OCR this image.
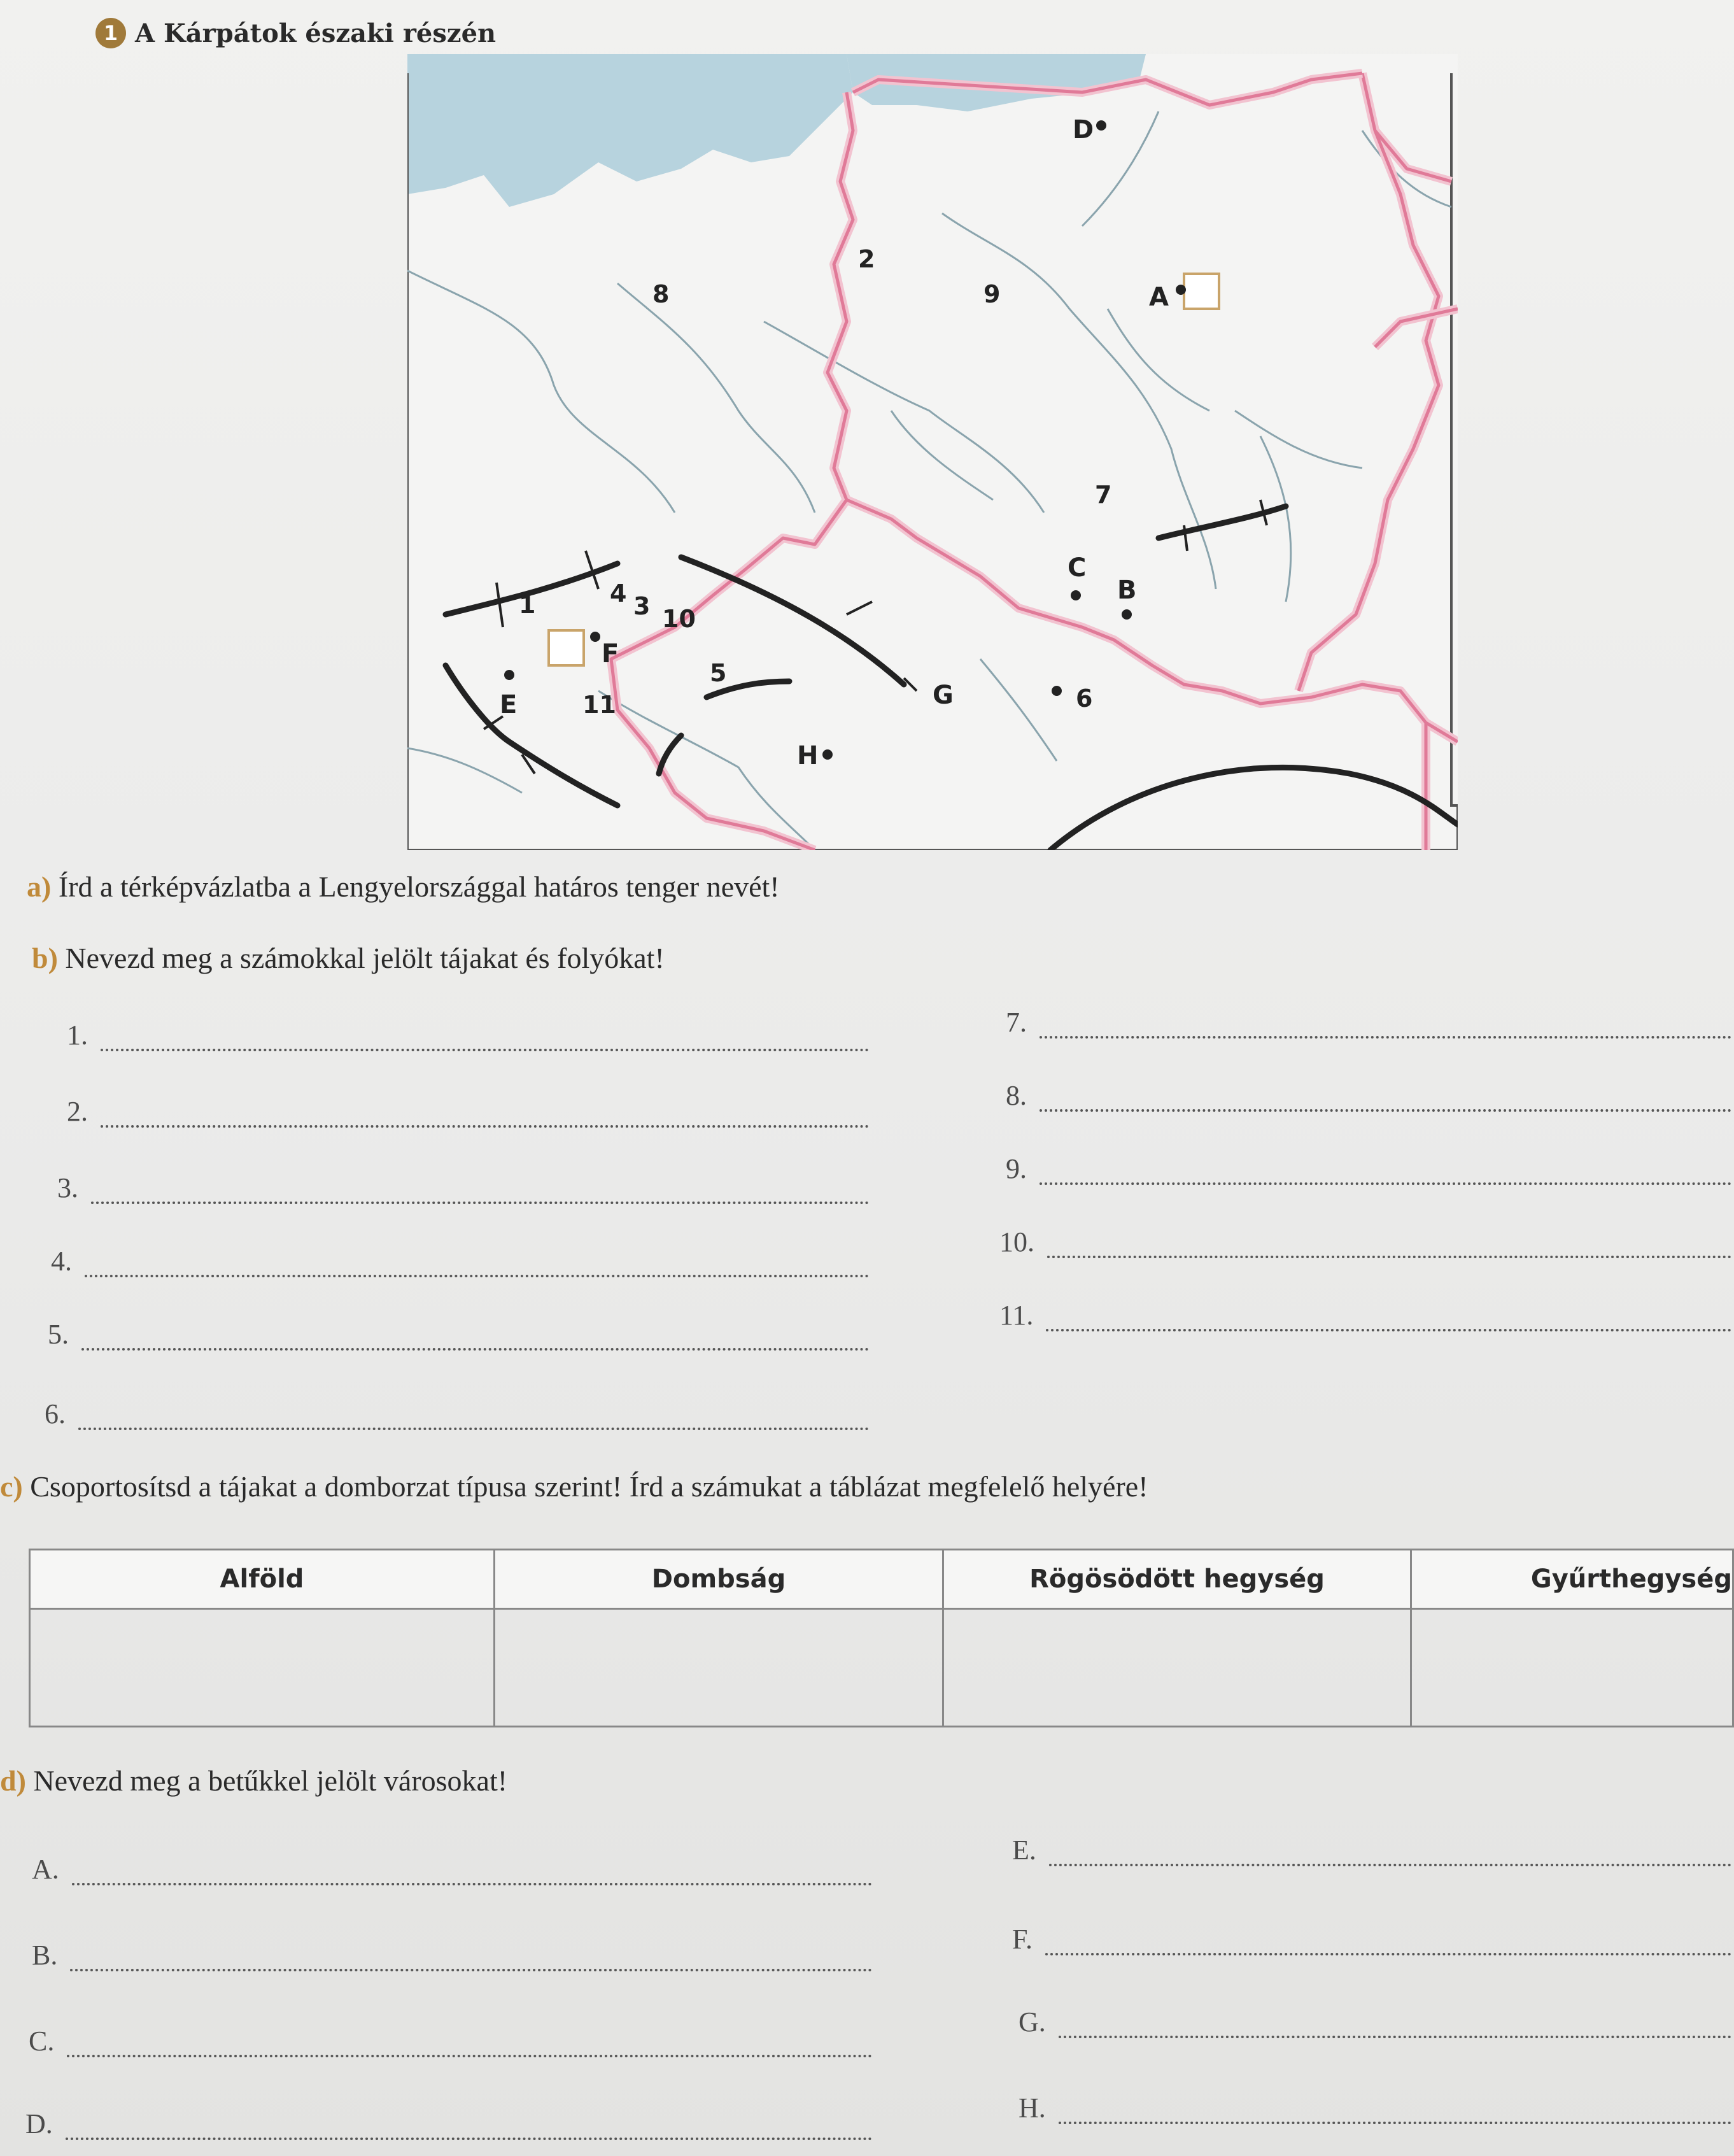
1 A Kárpátok északi részén
1
2
3
4
5
6
7
8	9
10
11
A
B
C
D
E
F
G
H
a) Írd a térképvázlatba a Lengyelországgal határos tenger nevét!
b) Nevezd meg a számokkal jelölt tájakat és folyókat!
1.
2.
3.
4.
5.
6.
7.
8.
9.
10.
11.
c) Csoportosítsd a tájakat a domborzat típusa szerint! Írd a számukat a táblázat megfelelő helyére!
Alföld	Dombság	Rögösödött hegység	Gyűrthegység

d) Nevezd meg a betűkkel jelölt városokat!
A.
B.
C.
D.
E.
F.
G.
H.
